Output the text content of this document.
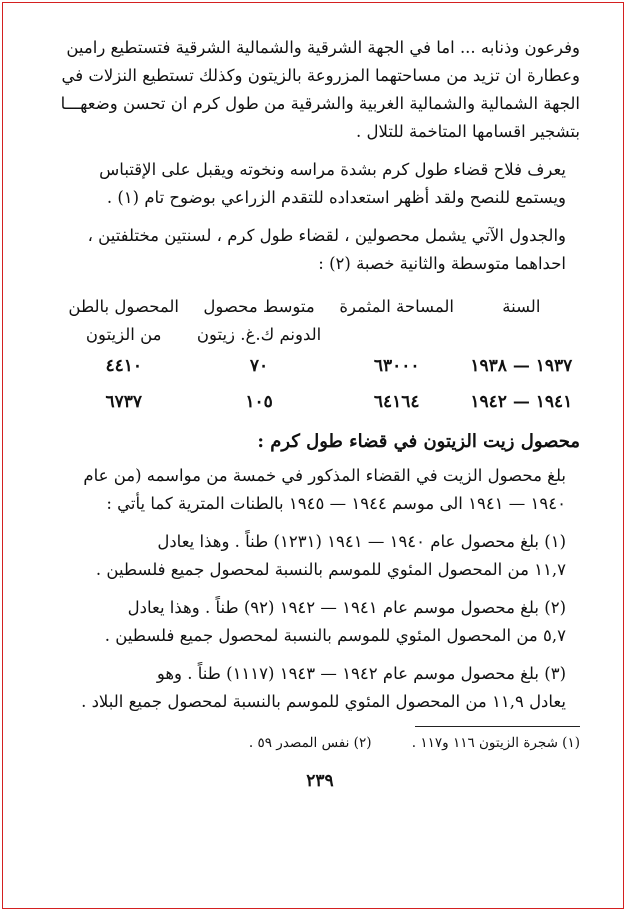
وفرعون وذنابه ... اما في الجهة الشرقية والشمالية الشرقية فتستطيع رامين

وعطارة ان تزيد من مساحتهما المزروعة بالزيتون وكذلك تستطيع النزلات في

الجهة الشمالية والشمالية الغربية والشرقية من طول كرم ان تحسن وضعهـــا

بتشجير اقسامها المتاخمة للتلال .

يعرف فلاح قضاء طول كرم بشدة مراسه ونخوته ويقبل على الإقتباس

ويستمع للنصح ولقد أظهر استعداده للتقدم الزراعي بوضوح تام (١) .

والجدول الآتي يشمل محصولين ، لقضاء طول كرم ، لسنتين مختلفتين ،

احداهما متوسطة والثانية خصبة (٢) :

السنة	المساحة المثمرة	متوسط محصول	المحصول بالطن
		الدونم ك.غ. زيتون	من الزيتون
١٩٣٧ — ١٩٣٨	٦٣٠٠٠	٧٠	٤٤١٠
١٩٤١ — ١٩٤٢	٦٤١٦٤	١٠٥	٦٧٣٧

محصول زيت الزيتون في قضاء طول كرم :

بلغ محصول الزيت في القضاء المذكور في خمسة من مواسمه (من عام

١٩٤٠ — ١٩٤١ الى موسم ١٩٤٤ — ١٩٤٥ بالطنات المترية كما يأتي :

(١) بلغ محصول عام ١٩٤٠ — ١٩٤١ (١٢٣١) طناً . وهذا يعادل

١١,٧ من المحصول المئوي للموسم بالنسبة لمحصول جميع فلسطين .

(٢) بلغ محصول موسم عام ١٩٤١ — ١٩٤٢ (٩٢) طناً . وهذا يعادل

٥,٧ من المحصول المئوي للموسم بالنسبة لمحصول جميع فلسطين .

(٣) بلغ محصول موسم عام ١٩٤٢ — ١٩٤٣ (١١١٧) طناً . وهو

يعادل ١١,٩ من المحصول المئوي للموسم بالنسبة لمحصول جميع البلاد .

(١) شجرة الزيتون ١١٦ و١١٧ . (٢) نفس المصدر ٥٩ .

٢٣٩
